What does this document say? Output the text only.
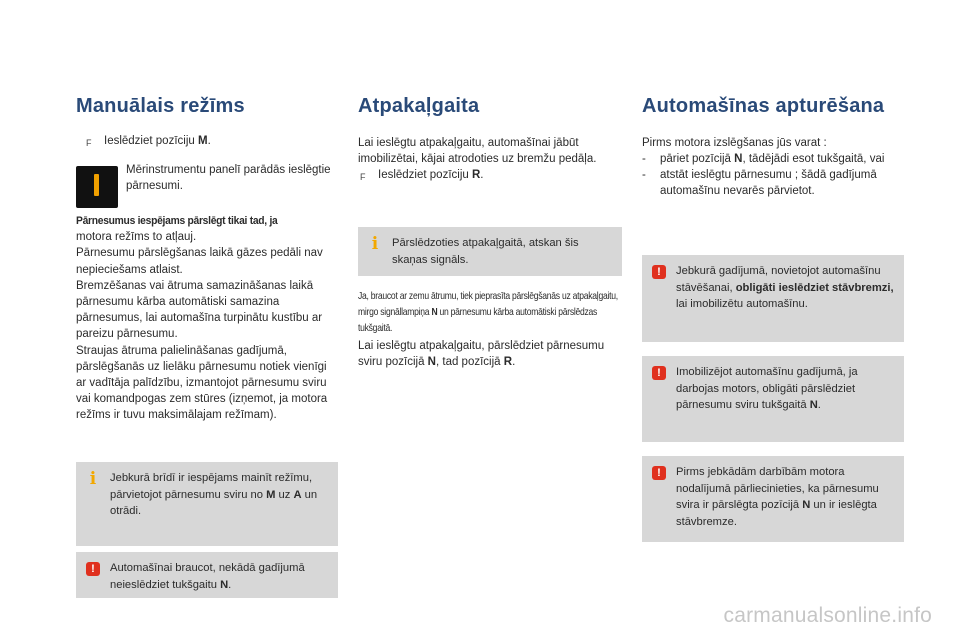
Manuālais režīms
F	Ieslēdziet pozīciju M.
Mērinstrumentu panelī parādās ieslēgtie pārnesumi.
Pārnesumus iespējams pārslēgt tikai tad, ja
motora režīms to atļauj.
Pārnesumu pārslēgšanas laikā gāzes pedāli nav nepieciešams atlaist.
Bremzēšanas vai ātruma samazināšanas laikā pārnesumu kārba automātiski samazina pārnesumus, lai automašīna turpinātu kustību ar pareizu pārnesumu.
Straujas ātruma palielināšanas gadījumā, pārslēgšanās uz lielāku pārnesumu notiek vienīgi ar vadītāja palīdzību, izmantojot pārnesumu sviru vai komandpogas zem stūres (izņemot, ja motora režīms ir tuvu maksimālajam režīmam).
i	Jebkurā brīdī ir iespējams mainīt režīmu, pārvietojot pārnesumu sviru no M uz A un otrādi.
!	Automašīnai braucot, nekādā gadījumā neieslēdziet tukšgaitu N.
Atpakaļgaita
Lai ieslēgtu atpakaļgaitu, automašīnai jābūt imobilizētai, kājai atrodoties uz bremžu pedāļa.
F	Ieslēdziet pozīciju R.
i	Pārslēdzoties atpakaļgaitā, atskan šis skaņas signāls.
Ja, braucot ar zemu ātrumu, tiek pieprasīta pārslēgšanās uz atpakaļgaitu, mirgo signāllampiņa N un pārnesumu kārba automātiski pārslēdzas tukšgaitā.
Lai ieslēgtu atpakaļgaitu, pārslēdziet pārnesumu sviru pozīcijā N, tad pozīcijā R.
Automašīnas apturēšana
Pirms motora izslēgšanas jūs varat :
-	pāriet pozīcijā N, tādējādi esot tukšgaitā, vai
-	atstāt ieslēgtu pārnesumu ; šādā gadījumā automašīnu nevarēs pārvietot.
!	Jebkurā gadījumā, novietojot automašīnu stāvēšanai, obligāti ieslēdziet stāvbremzi, lai imobilizētu automašīnu.
!	Imobilizējot automašīnu gadījumā, ja darbojas motors, obligāti pārslēdziet pārnesumu sviru tukšgaitā N.
!	Pirms jebkādām darbībām motora nodalījumā pārliecinieties, ka pārnesumu svira ir pārslēgta pozīcijā N un ir ieslēgta stāvbremze.
carmanualsonline.info
